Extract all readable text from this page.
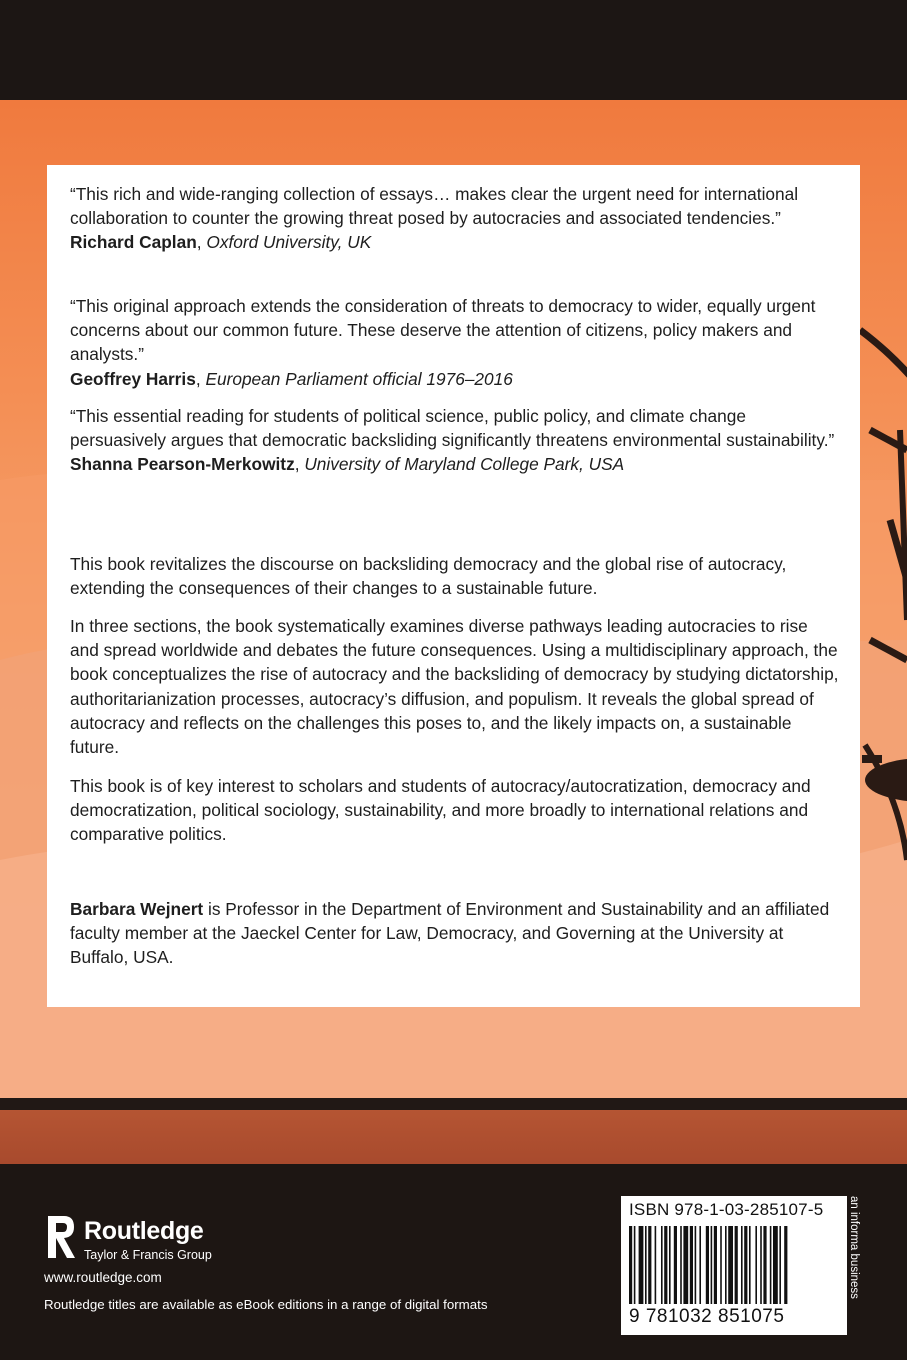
“This rich and wide-ranging collection of essays… makes clear the urgent need for international collaboration to counter the growing threat posed by autocracies and associated tendencies.”

Richard Caplan, Oxford University, UK

“This original approach extends the consideration of threats to democracy to wider, equally urgent concerns about our common future. These deserve the attention of citizens, policy makers and analysts.”

Geoffrey Harris, European Parliament official 1976–2016

“This essential reading for students of political science, public policy, and climate change persuasively argues that democratic backsliding significantly threatens environmental sustainability.”

Shanna Pearson-Merkowitz, University of Maryland College Park, USA

This book revitalizes the discourse on backsliding democracy and the global rise of autocracy, extending the consequences of their changes to a sustainable future.

In three sections, the book systematically examines diverse pathways leading autocracies to rise and spread worldwide and debates the future consequences. Using a multidisciplinary approach, the book conceptualizes the rise of autocracy and the backsliding of democracy by studying dictatorship, authoritarianization processes, autocracy’s diffusion, and populism. It reveals the global spread of autocracy and reflects on the challenges this poses to, and the likely impacts on, a sustainable future.

This book is of key interest to scholars and students of autocracy/autocratization, democracy and democratization, political sociology, sustainability, and more broadly to international relations and comparative politics.

Barbara Wejnert is Professor in the Department of Environment and Sustainability and an affiliated faculty member at the Jaeckel Center for Law, Democracy, and Governing at the University at Buffalo, USA.

Routledge
Taylor & Francis Group
www.routledge.com
Routledge titles are available as eBook editions in a range of digital formats
ISBN 978-1-03-285107-5
9 781032 851075
an informa business
